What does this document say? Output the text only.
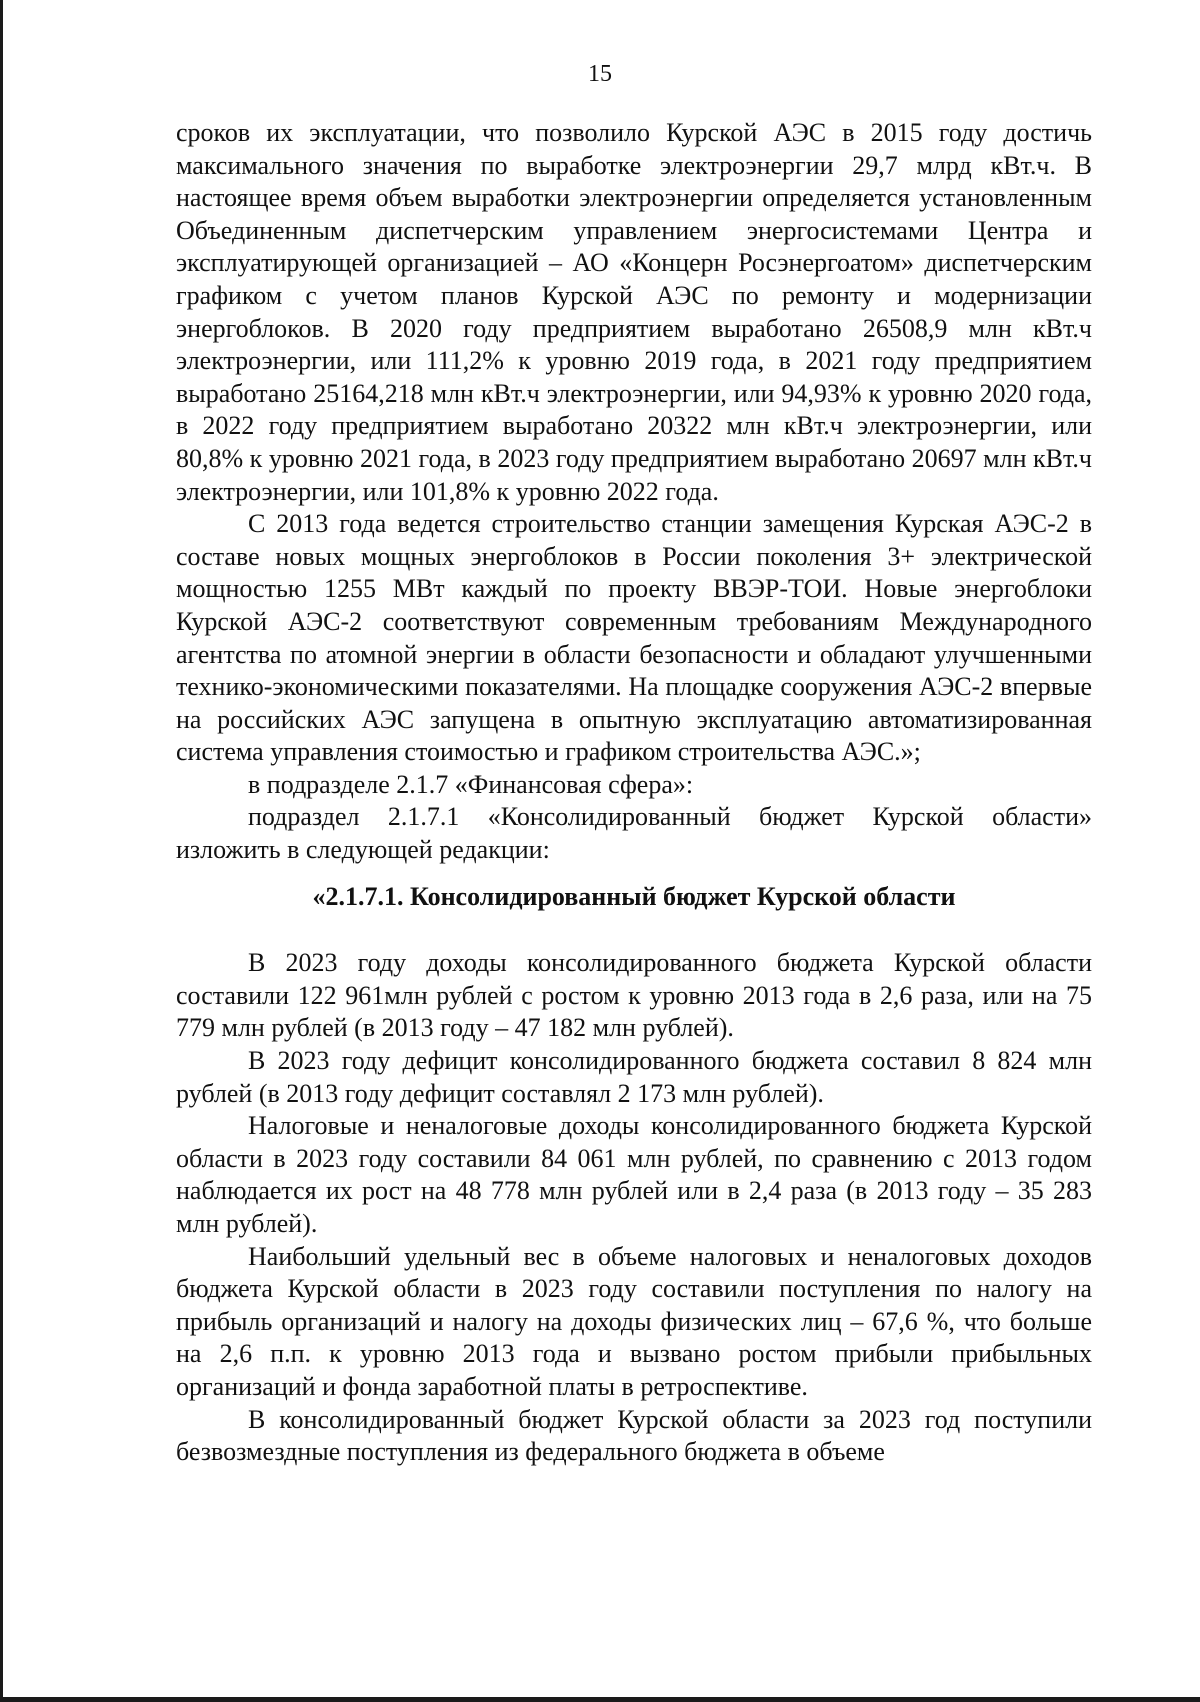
15

сроков их эксплуатации, что позволило Курской АЭС в 2015 году достичь максимального значения по выработке электроэнергии 29,7 млрд кВт.ч. В настоящее время объем выработки электроэнергии определяется установленным Объединенным диспетчерским управлением энергосистемами Центра и эксплуатирующей организацией – АО «Концерн Росэнергоатом» диспетчерским графиком с учетом планов Курской АЭС по ремонту и модернизации энергоблоков. В 2020 году предприятием выработано 26508,9 млн кВт.ч электроэнергии, или 111,2% к уровню 2019 года, в 2021 году предприятием выработано 25164,218 млн кВт.ч электроэнергии, или 94,93% к уровню 2020 года, в 2022 году предприятием выработано 20322 млн кВт.ч электроэнергии, или 80,8% к уровню 2021 года, в 2023 году предприятием выработано 20697 млн кВт.ч электроэнергии, или 101,8% к уровню 2022 года.

С 2013 года ведется строительство станции замещения Курская АЭС-2 в составе новых мощных энергоблоков в России поколения 3+ электрической мощностью 1255 МВт каждый по проекту ВВЭР-ТОИ. Новые энергоблоки Курской АЭС-2 соответствуют современным требованиям Международного агентства по атомной энергии в области безопасности и обладают улучшенными технико-экономическими показателями. На площадке сооружения АЭС-2 впервые на российских АЭС запущена в опытную эксплуатацию автоматизированная система управления стоимостью и графиком строительства АЭС.»;

в подразделе 2.1.7 «Финансовая сфера»:

подраздел 2.1.7.1 «Консолидированный бюджет Курской области» изложить в следующей редакции:

«2.1.7.1. Консолидированный бюджет Курской области

В 2023 году доходы консолидированного бюджета Курской области составили 122 961млн рублей с ростом к уровню 2013 года в 2,6 раза, или на 75 779 млн рублей (в 2013 году – 47 182 млн рублей).

В 2023 году дефицит консолидированного бюджета составил 8 824 млн рублей (в 2013 году дефицит составлял 2 173 млн рублей).

Налоговые и неналоговые доходы консолидированного бюджета Курской области в 2023 году составили 84 061 млн рублей, по сравнению с 2013 годом наблюдается их рост на 48 778 млн рублей или в 2,4 раза (в 2013 году – 35 283 млн рублей).

Наибольший удельный вес в объеме налоговых и неналоговых доходов бюджета Курской области в 2023 году составили поступления по налогу на прибыль организаций и налогу на доходы физических лиц – 67,6 %, что больше на 2,6 п.п. к уровню 2013 года и вызвано ростом прибыли прибыльных организаций и фонда заработной платы в ретроспективе.

В консолидированный бюджет Курской области за 2023 год поступили безвозмездные поступления из федерального бюджета в объеме
